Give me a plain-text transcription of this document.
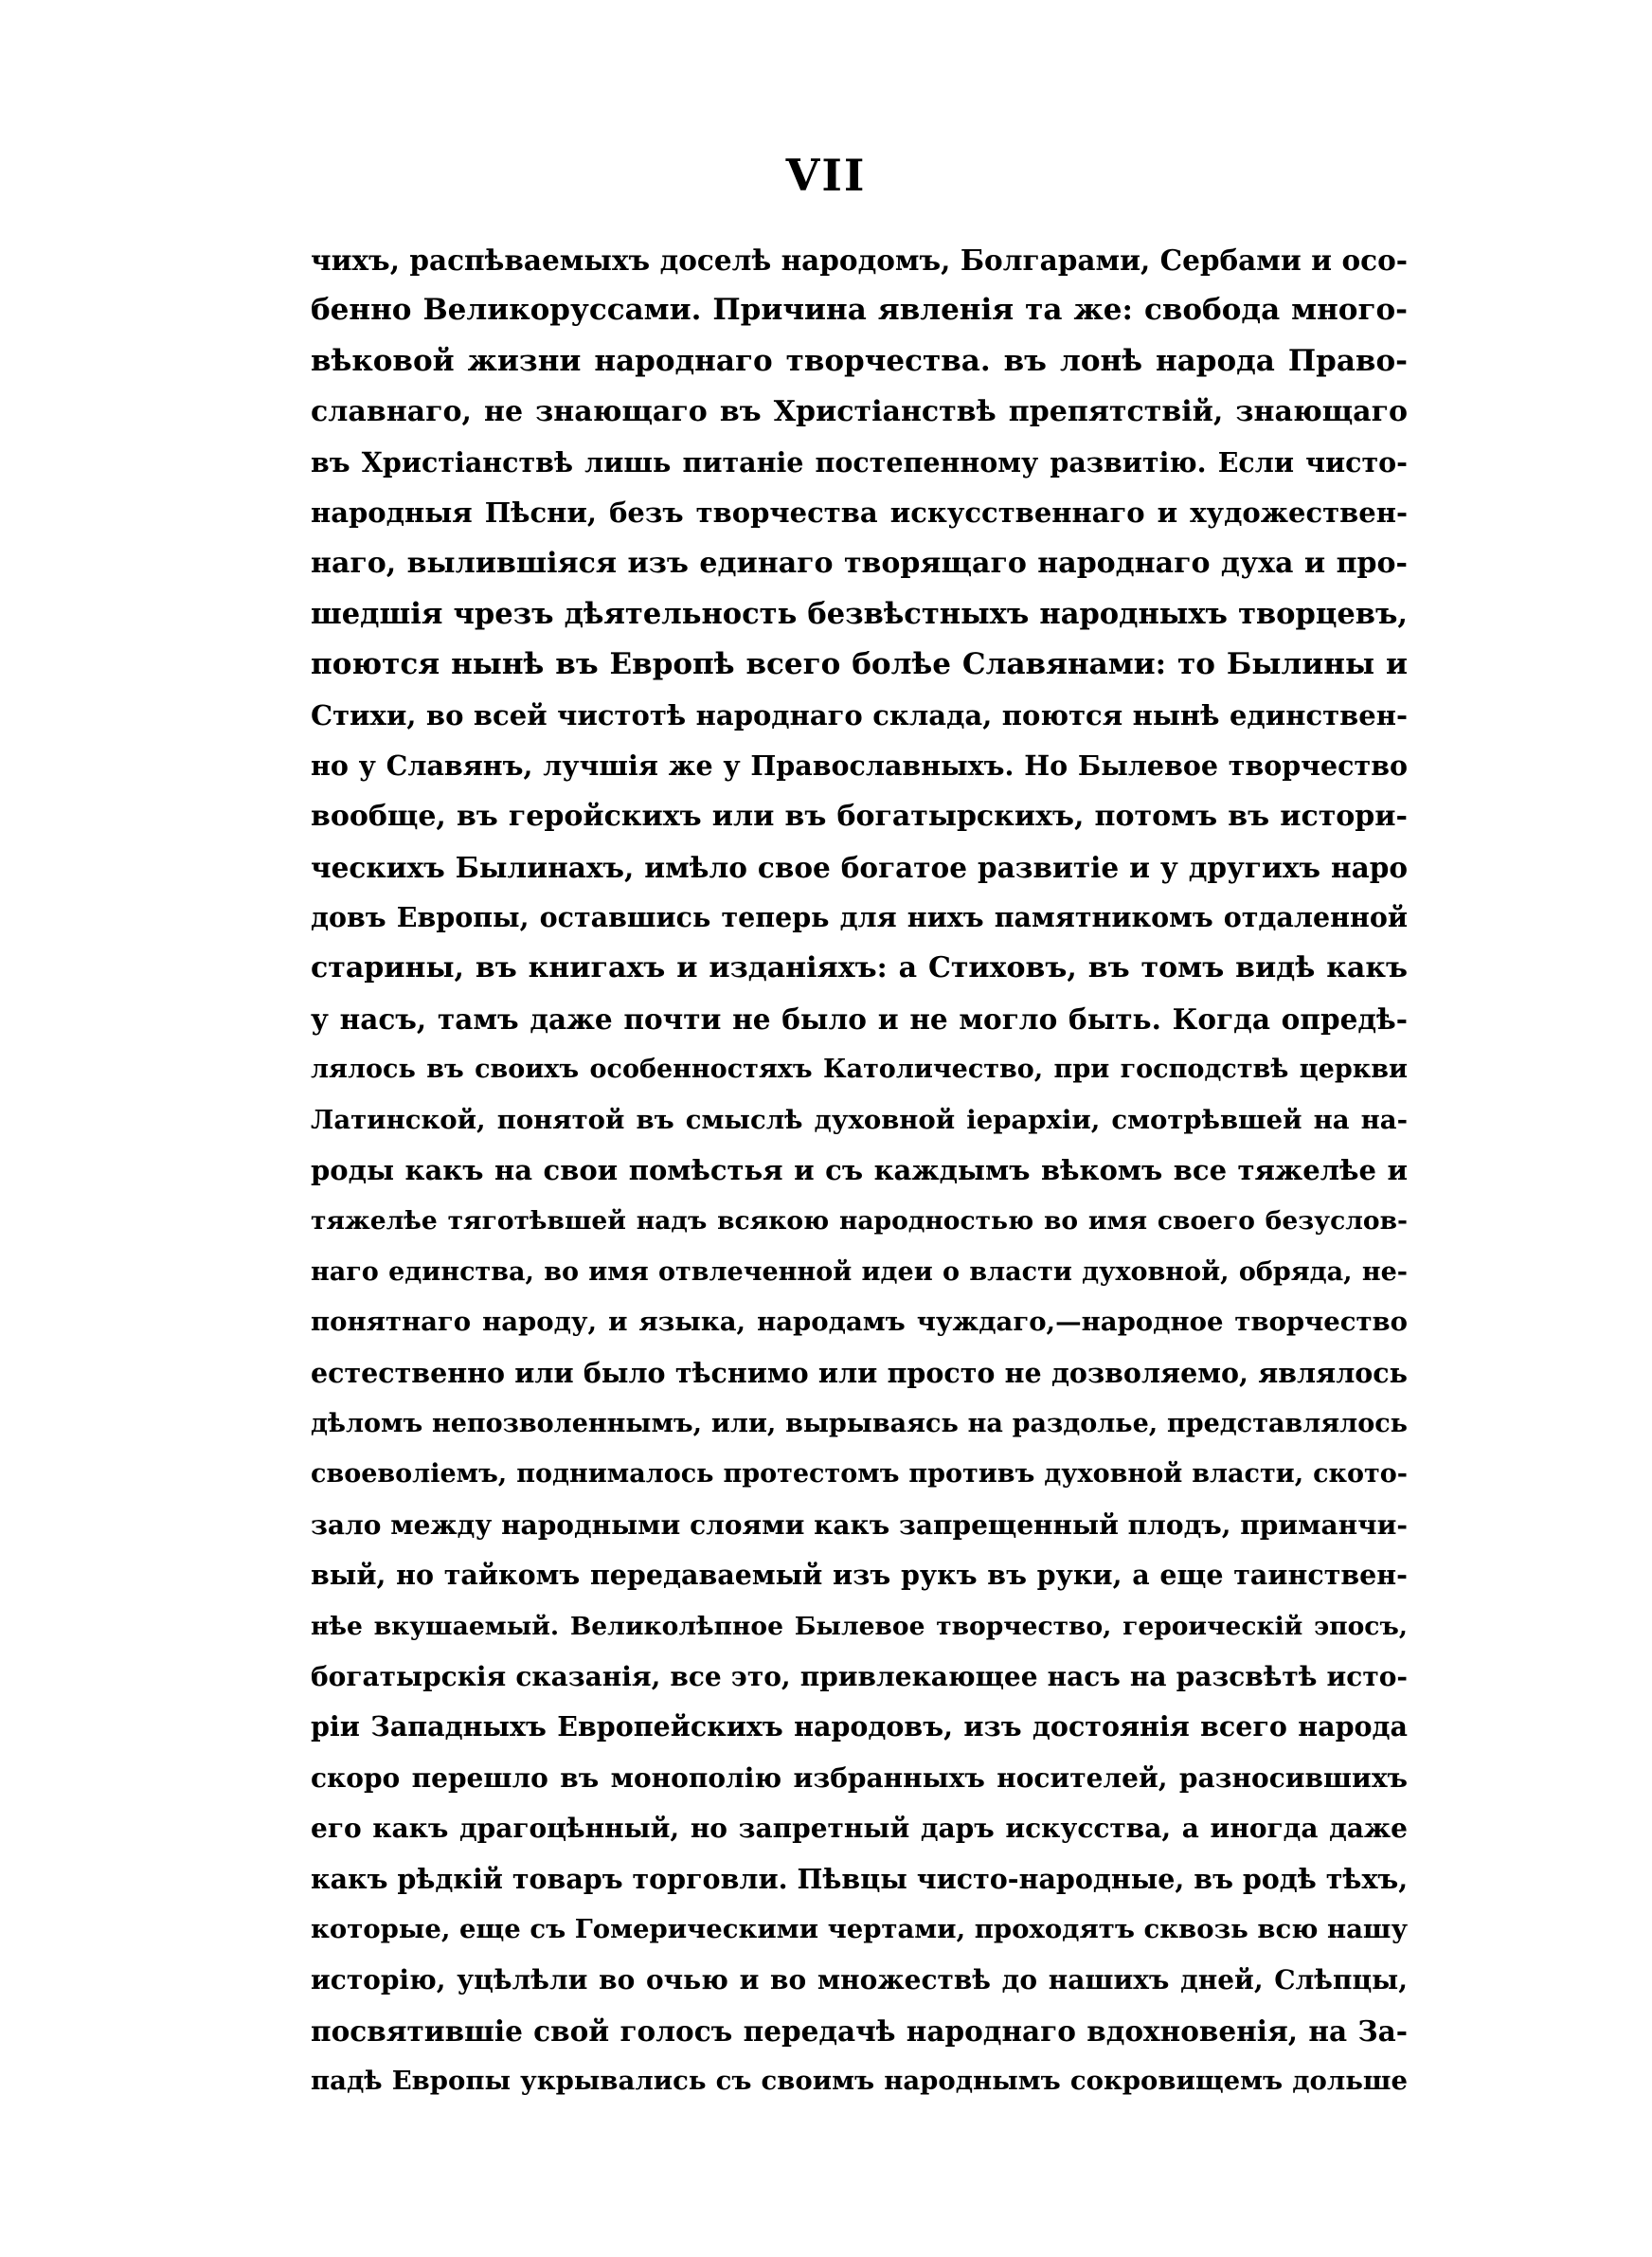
VII
чихъ, распѣваемыхъ доселѣ народомъ, Болгарами, Сербами и осо-
бенно Великоруссами. Причина явленія та же: свобода много-
вѣковой жизни народнаго творчества. въ лонѣ народа Право-
славнаго, не знающаго въ Христіанствѣ препятствій, знающаго
въ Христіанствѣ лишь питаніе постепенному развитію. Если чисто-
народныя Пѣсни, безъ творчества искусственнаго и художествен-
наго, вылившіяся изъ единаго творящаго народнаго духа и про-
шедшія чрезъ дѣятельность безвѣстныхъ народныхъ творцевъ,
поются нынѣ въ Европѣ всего болѣе Славянами: то Былины и
Стихи, во всей чистотѣ народнаго склада, поются нынѣ единствен-
но у Славянъ, лучшія же у Православныхъ. Но Былевое творчество
вообще, въ геройскихъ или въ богатырскихъ, потомъ въ истори-
ческихъ Былинахъ, имѣло свое богатое развитіе и у другихъ наро
довъ Европы, оставшись теперь для нихъ памятникомъ отдаленной
старины, въ книгахъ и изданіяхъ: а Стиховъ, въ томъ видѣ какъ
у насъ, тамъ даже почти не было и не могло быть. Когда опредѣ-
лялось въ своихъ особенностяхъ Католичество, при господствѣ церкви
Латинской, понятой въ смыслѣ духовной іерархіи, смотрѣвшей на на-
роды какъ на свои помѣстья и съ каждымъ вѣкомъ все тяжелѣе и
тяжелѣе тяготѣвшей надъ всякою народностью во имя своего безуслов-
наго единства, во имя отвлеченной идеи о власти духовной, обряда, не-
понятнаго народу, и языка, народамъ чуждаго,—народное творчество
естественно или было тѣснимо или просто не дозволяемо, являлось
дѣломъ непозволеннымъ, или, вырываясь на раздолье, представлялось
своеволіемъ, поднималось протестомъ противъ духовной власти, ското-
зало между народными слоями какъ запрещенный плодъ, приманчи-
вый, но тайкомъ передаваемый изъ рукъ въ руки, а еще таинствен-
нѣе вкушаемый. Великолѣпное Былевое творчество, героическій эпосъ,
богатырскія сказанія, все это, привлекающее насъ на разсвѣтѣ исто-
ріи Западныхъ Европейскихъ народовъ, изъ достоянія всего народа
скоро перешло въ монополію избранныхъ носителей, разносившихъ
его какъ драгоцѣнный, но запретный даръ искусства, а иногда даже
какъ рѣдкій товаръ торговли. Пѣвцы чисто-народные, въ родѣ тѣхъ,
которые, еще съ Гомерическими чертами, проходятъ сквозь всю нашу
исторію, уцѣлѣли во очью и во множествѣ до нашихъ дней, Слѣпцы,
посвятившіе свой голосъ передачѣ народнаго вдохновенія, на За-
падѣ Европы укрывались съ своимъ народнымъ сокровищемъ дольше
